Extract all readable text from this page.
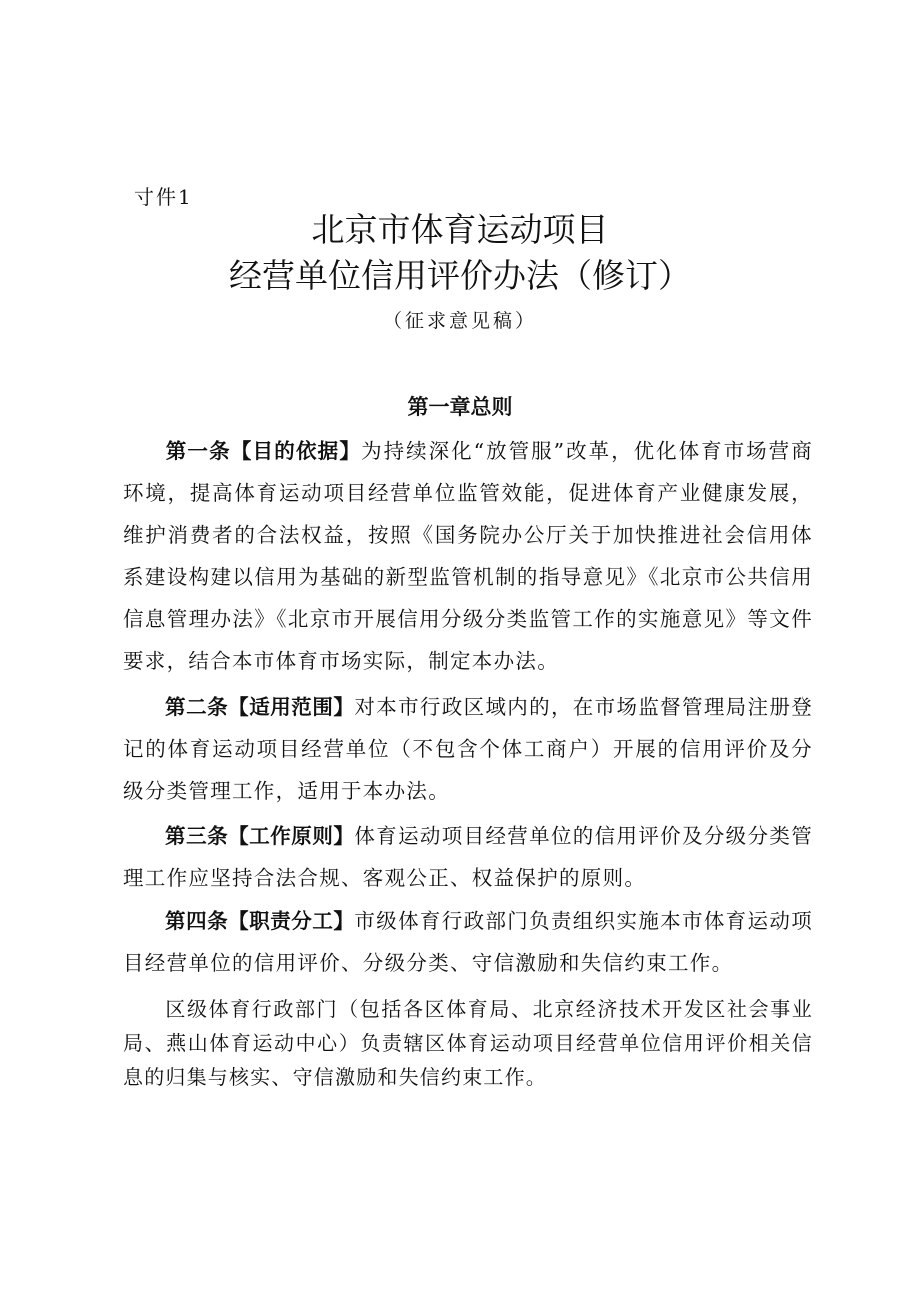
寸件1
北京市体育运动项目
经营单位信用评价办法（修订）
（征求意见稿）
第一章总则
第一条【目的依据】为持续深化“放管服”改革，优化体育市场营商环境，提高体育运动项目经营单位监管效能，促进体育产业健康发展，维护消费者的合法权益，按照《国务院办公厅关于加快推进社会信用体系建设构建以信用为基础的新型监管机制的指导意见》《北京市公共信用信息管理办法》《北京市开展信用分级分类监管工作的实施意见》等文件要求，结合本市体育市场实际，制定本办法。
第二条【适用范围】对本市行政区域内的，在市场监督管理局注册登记的体育运动项目经营单位（不包含个体工商户）开展的信用评价及分级分类管理工作，适用于本办法。
第三条【工作原则】体育运动项目经营单位的信用评价及分级分类管理工作应坚持合法合规、客观公正、权益保护的原则。
第四条【职责分工】市级体育行政部门负责组织实施本市体育运动项目经营单位的信用评价、分级分类、守信激励和失信约束工作。
区级体育行政部门（包括各区体育局、北京经济技术开发区社会事业局、燕山体育运动中心）负责辖区体育运动项目经营单位信用评价相关信息的归集与核实、守信激励和失信约束工作。
